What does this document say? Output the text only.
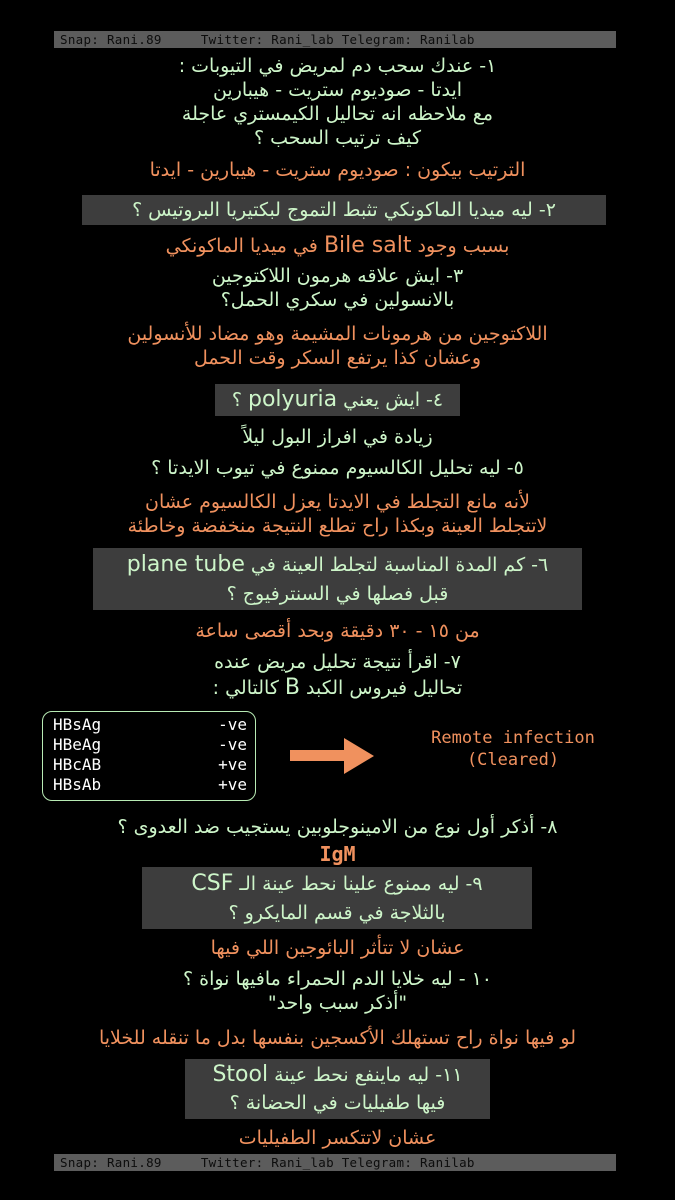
Snap: Rani.89     Twitter: Rani_lab Telegram: Ranilab
١- عندك سحب دم لمريض في التيوبات :
ايدتا - صوديوم ستريت - هيبارين
مع ملاحظه انه تحاليل الكيمستري عاجلة
كيف ترتيب السحب ؟
الترتيب بيكون : صوديوم ستريت - هيبارين - ايدتا
٢- ليه ميديا الماكونكي تثبط التموج لبكتيريا البروتيس ؟
بسبب وجود Bile salt في ميديا الماكونكي
٣- ايش علاقه هرمون اللاكتوجين
بالانسولين في سكري الحمل؟
اللاكتوجين من هرمونات المشيمة وهو مضاد للأنسولين
وعشان كذا يرتفع السكر وقت الحمل
٤- ايش يعني polyuria ؟
زيادة في افراز البول ليلاً
٥- ليه تحليل الكالسيوم ممنوع في تيوب الايدتا ؟
لأنه مانع التجلط في الايدتا يعزل الكالسيوم عشان
لاتتجلط العينة وبكذا راح تطلع النتيجة منخفضة وخاطئة
٦- كم المدة المناسبة لتجلط العينة في plane tube
قبل فصلها في السنترفيوج ؟
من ١٥ - ٣٠ دقيقة وبحد أقصى ساعة
٧- اقرأ نتيجة تحليل مريض عنده
تحاليل فيروس الكبد B كالتالي :
HBsAg	-ve
HBeAg	-ve
HBcAB	+ve
HBsAb	+ve
Remote infection
(Cleared)
٨- أذكر أول نوع من الامينوجلوبين يستجيب ضد العدوى ؟
IgM
٩- ليه ممنوع علينا نحط عينة الـ CSF
بالثلاجة في قسم المايكرو ؟
عشان لا تتأثر البائوجين اللي فيها
١٠ - ليه خلايا الدم الحمراء مافيها نواة ؟
"أذكر سبب واحد"
لو فيها نواة راح تستهلك الأكسجين بنفسها بدل ما تنقله للخلايا
١١- ليه ماينفع نحط عينة Stool
فيها طفيليات في الحضانة ؟
عشان لاتتكسر الطفيليات
Snap: Rani.89     Twitter: Rani_lab Telegram: Ranilab
